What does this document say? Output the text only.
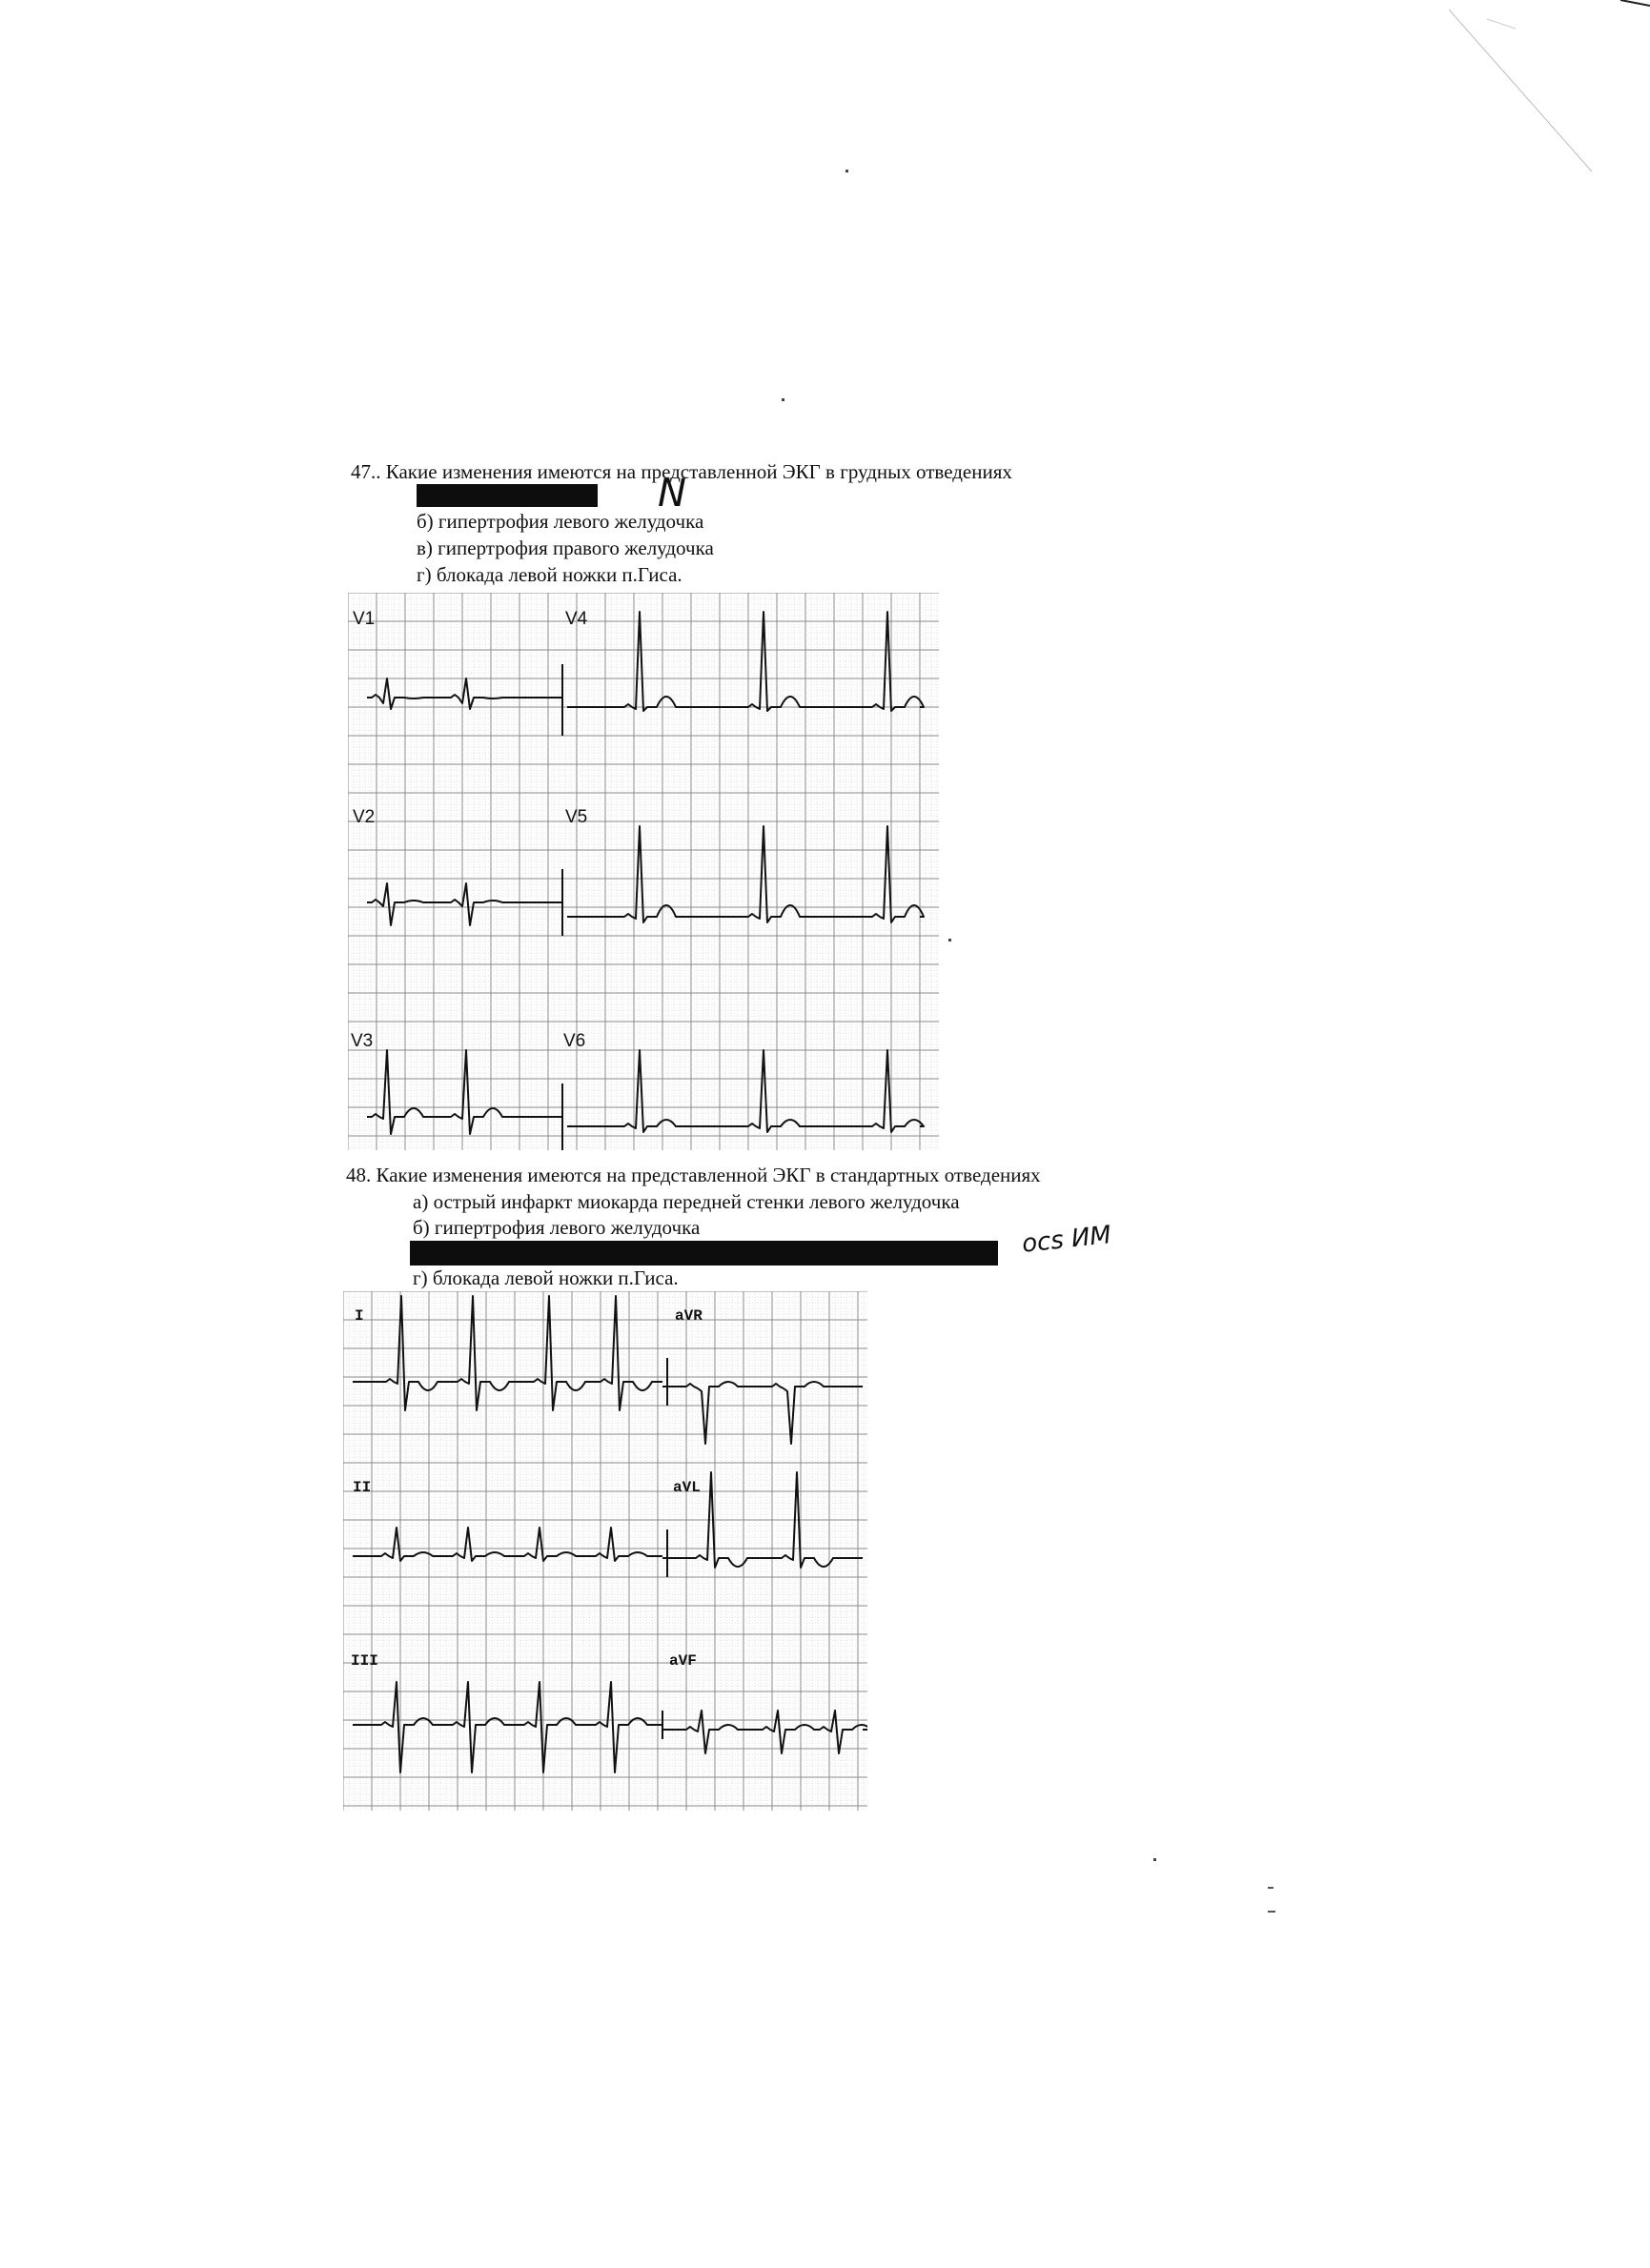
47.. Какие изменения имеются на представленной ЭКГ в грудных отведениях
N
б) гипертрофия левого желудочка
в) гипертрофия правого желудочка
г) блокада левой ножки п.Гиса.
V1	V4
V2	V5
V3	V6
48. Какие изменения имеются на представленной ЭКГ в стандартных отведениях
а) острый инфаркт миокарда передней стенки левого желудочка
б) гипертрофия левого желудочка	ocs ИМ
г) блокада левой ножки п.Гиса.
I	aVR
II	aVL
III	aVF
